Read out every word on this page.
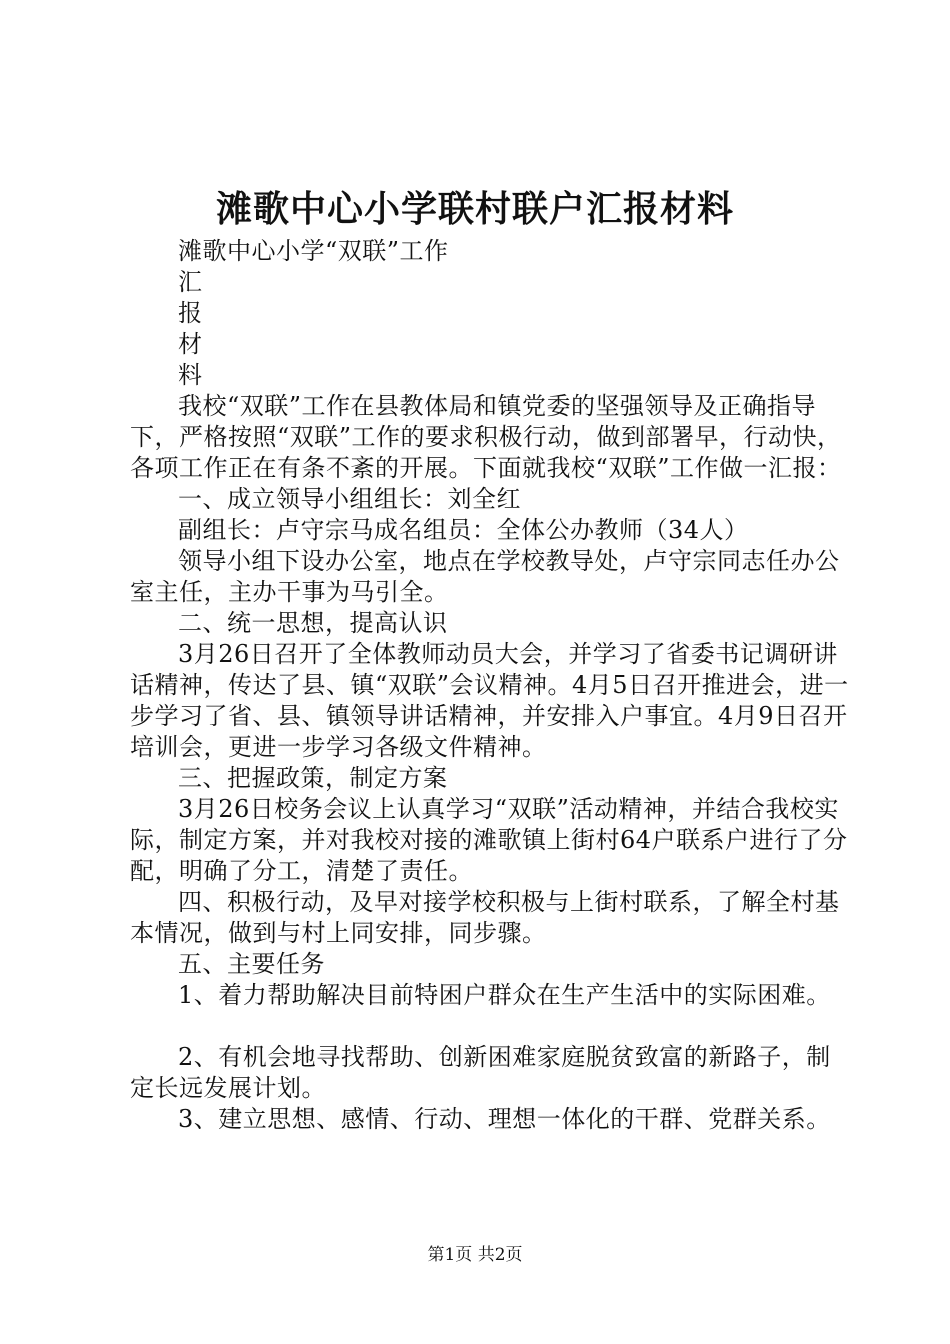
滩歌中心小学联村联户汇报材料

滩歌中心小学“双联”工作

汇

报

材

料

我校“双联”工作在县教体局和镇党委的坚强领导及正确指导下，严格按照“双联”工作的要求积极行动，做到部署早，行动快，各项工作正在有条不紊的开展。下面就我校“双联”工作做一汇报：

一、成立领导小组组长：刘全红

副组长：卢守宗马成名组员：全体公办教师（34人）

领导小组下设办公室，地点在学校教导处，卢守宗同志任办公室主任，主办干事为马引全。

二、统一思想，提高认识

3月26日召开了全体教师动员大会，并学习了省委书记调研讲话精神，传达了县、镇“双联”会议精神。4月5日召开推进会，进一步学习了省、县、镇领导讲话精神，并安排入户事宜。4月9日召开培训会，更进一步学习各级文件精神。

三、把握政策，制定方案

3月26日校务会议上认真学习“双联”活动精神，并结合我校实际，制定方案，并对我校对接的滩歌镇上街村64户联系户进行了分配，明确了分工，清楚了责任。

四、积极行动，及早对接学校积极与上街村联系，了解全村基本情况，做到与村上同安排，同步骤。

五、主要任务

1、着力帮助解决目前特困户群众在生产生活中的实际困难。

2、有机会地寻找帮助、创新困难家庭脱贫致富的新路子，制定长远发展计划。

3、建立思想、感情、行动、理想一体化的干群、党群关系。

第1页 共2页
